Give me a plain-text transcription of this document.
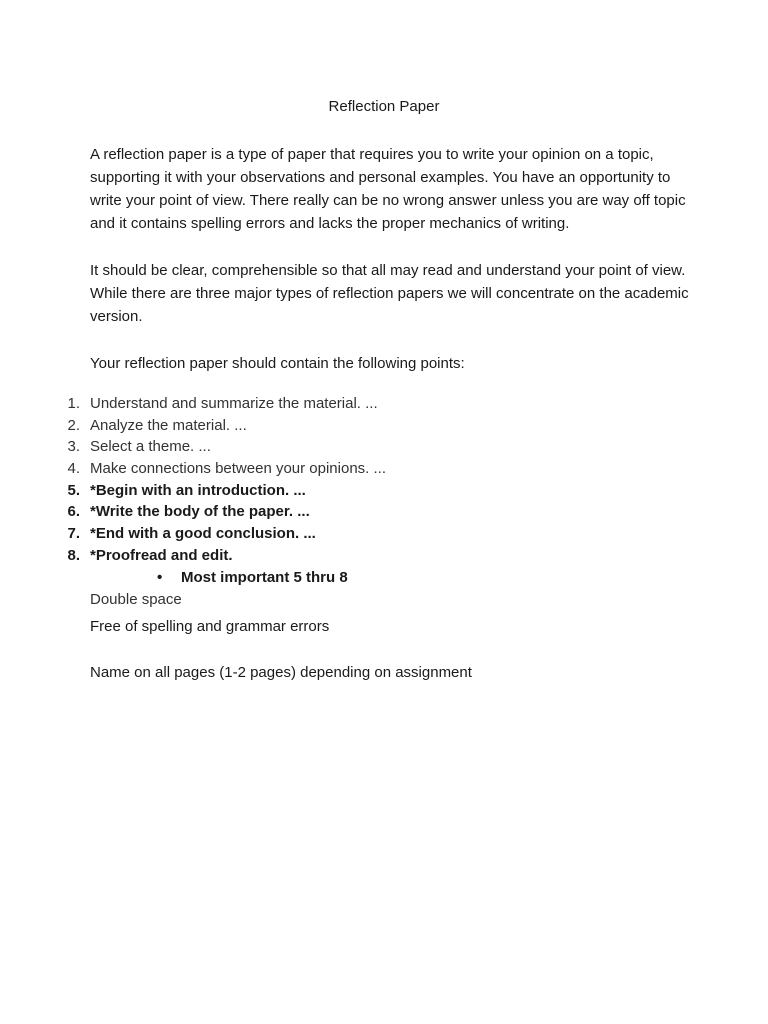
Reflection Paper
A reflection paper is a type of paper that requires you to write your opinion on a topic, supporting it with your observations and personal examples. You have an opportunity to write your point of view. There really can be no wrong answer unless you are way off topic and it contains spelling errors and lacks the proper mechanics of writing.
It should be clear, comprehensible so that all may read and understand your point of view. While there are three major types of reflection papers we will concentrate on the academic version.
Your reflection paper should contain the following points:
1. Understand and summarize the material. ...
2. Analyze the material. ...
3. Select a theme. ...
4. Make connections between your opinions. ...
5. *Begin with an introduction. ...
6. *Write the body of the paper. ...
7. *End with a good conclusion. ...
8. *Proofread and edit.
• Most important 5 thru 8
Double space
Free of spelling and grammar errors
Name on all pages (1-2 pages) depending on assignment
